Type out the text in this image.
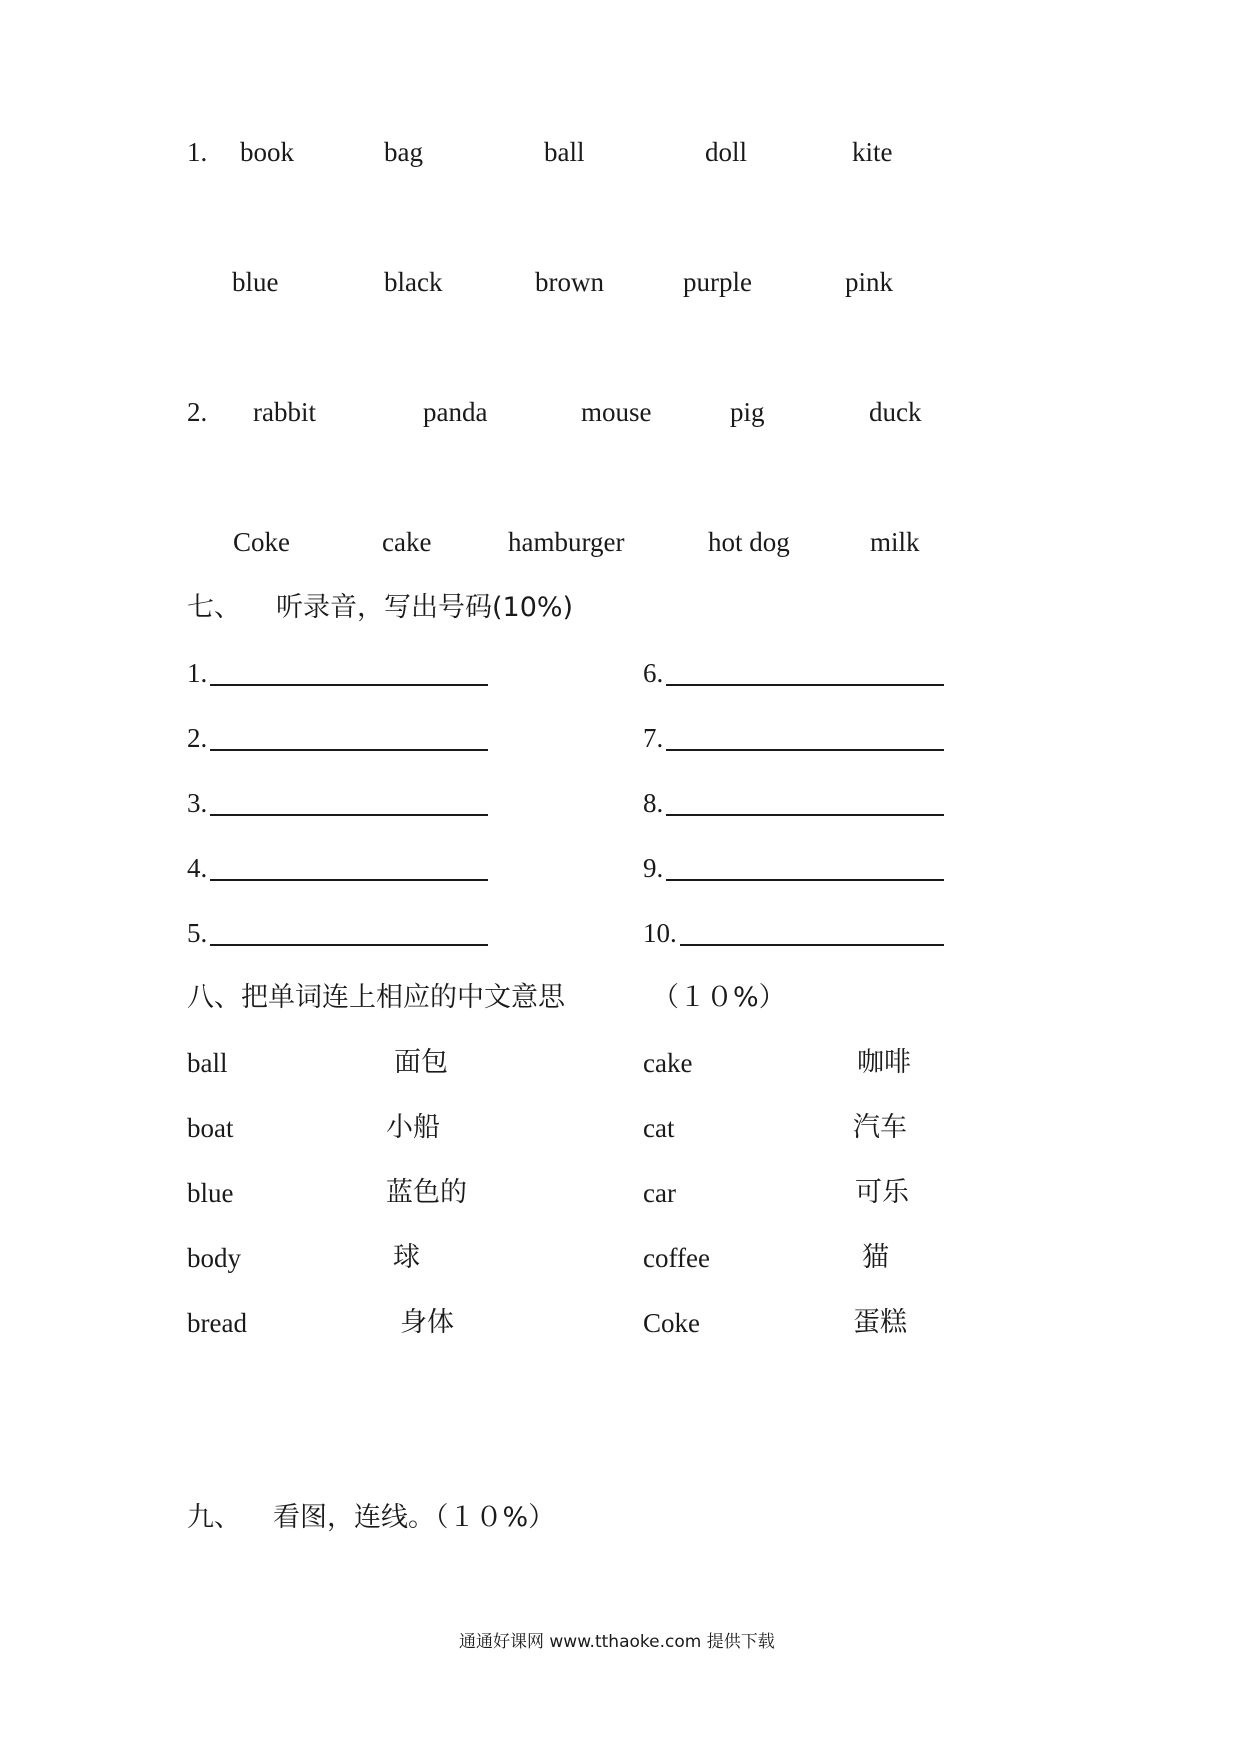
1. book	bag	ball	doll	kite
blue	black	brown	purple	pink
2. rabbit	panda	mouse	pig	duck
Coke	cake	hamburger	hot dog	milk
七、 听录音，写出号码(10%)
1.
2.
3.
4.
5.
6.
7.
8.
9.
10.
八、把单词连上相应的中文意思	（１０%）
ball	面包	cake	咖啡
boat	小船	cat	汽车
blue	蓝色的	car	可乐
body	球	coffee	猫
bread	身体	Coke	蛋糕
九、 看图，连线。（１０%）
通通好课网 www.tthaoke.com 提供下载
